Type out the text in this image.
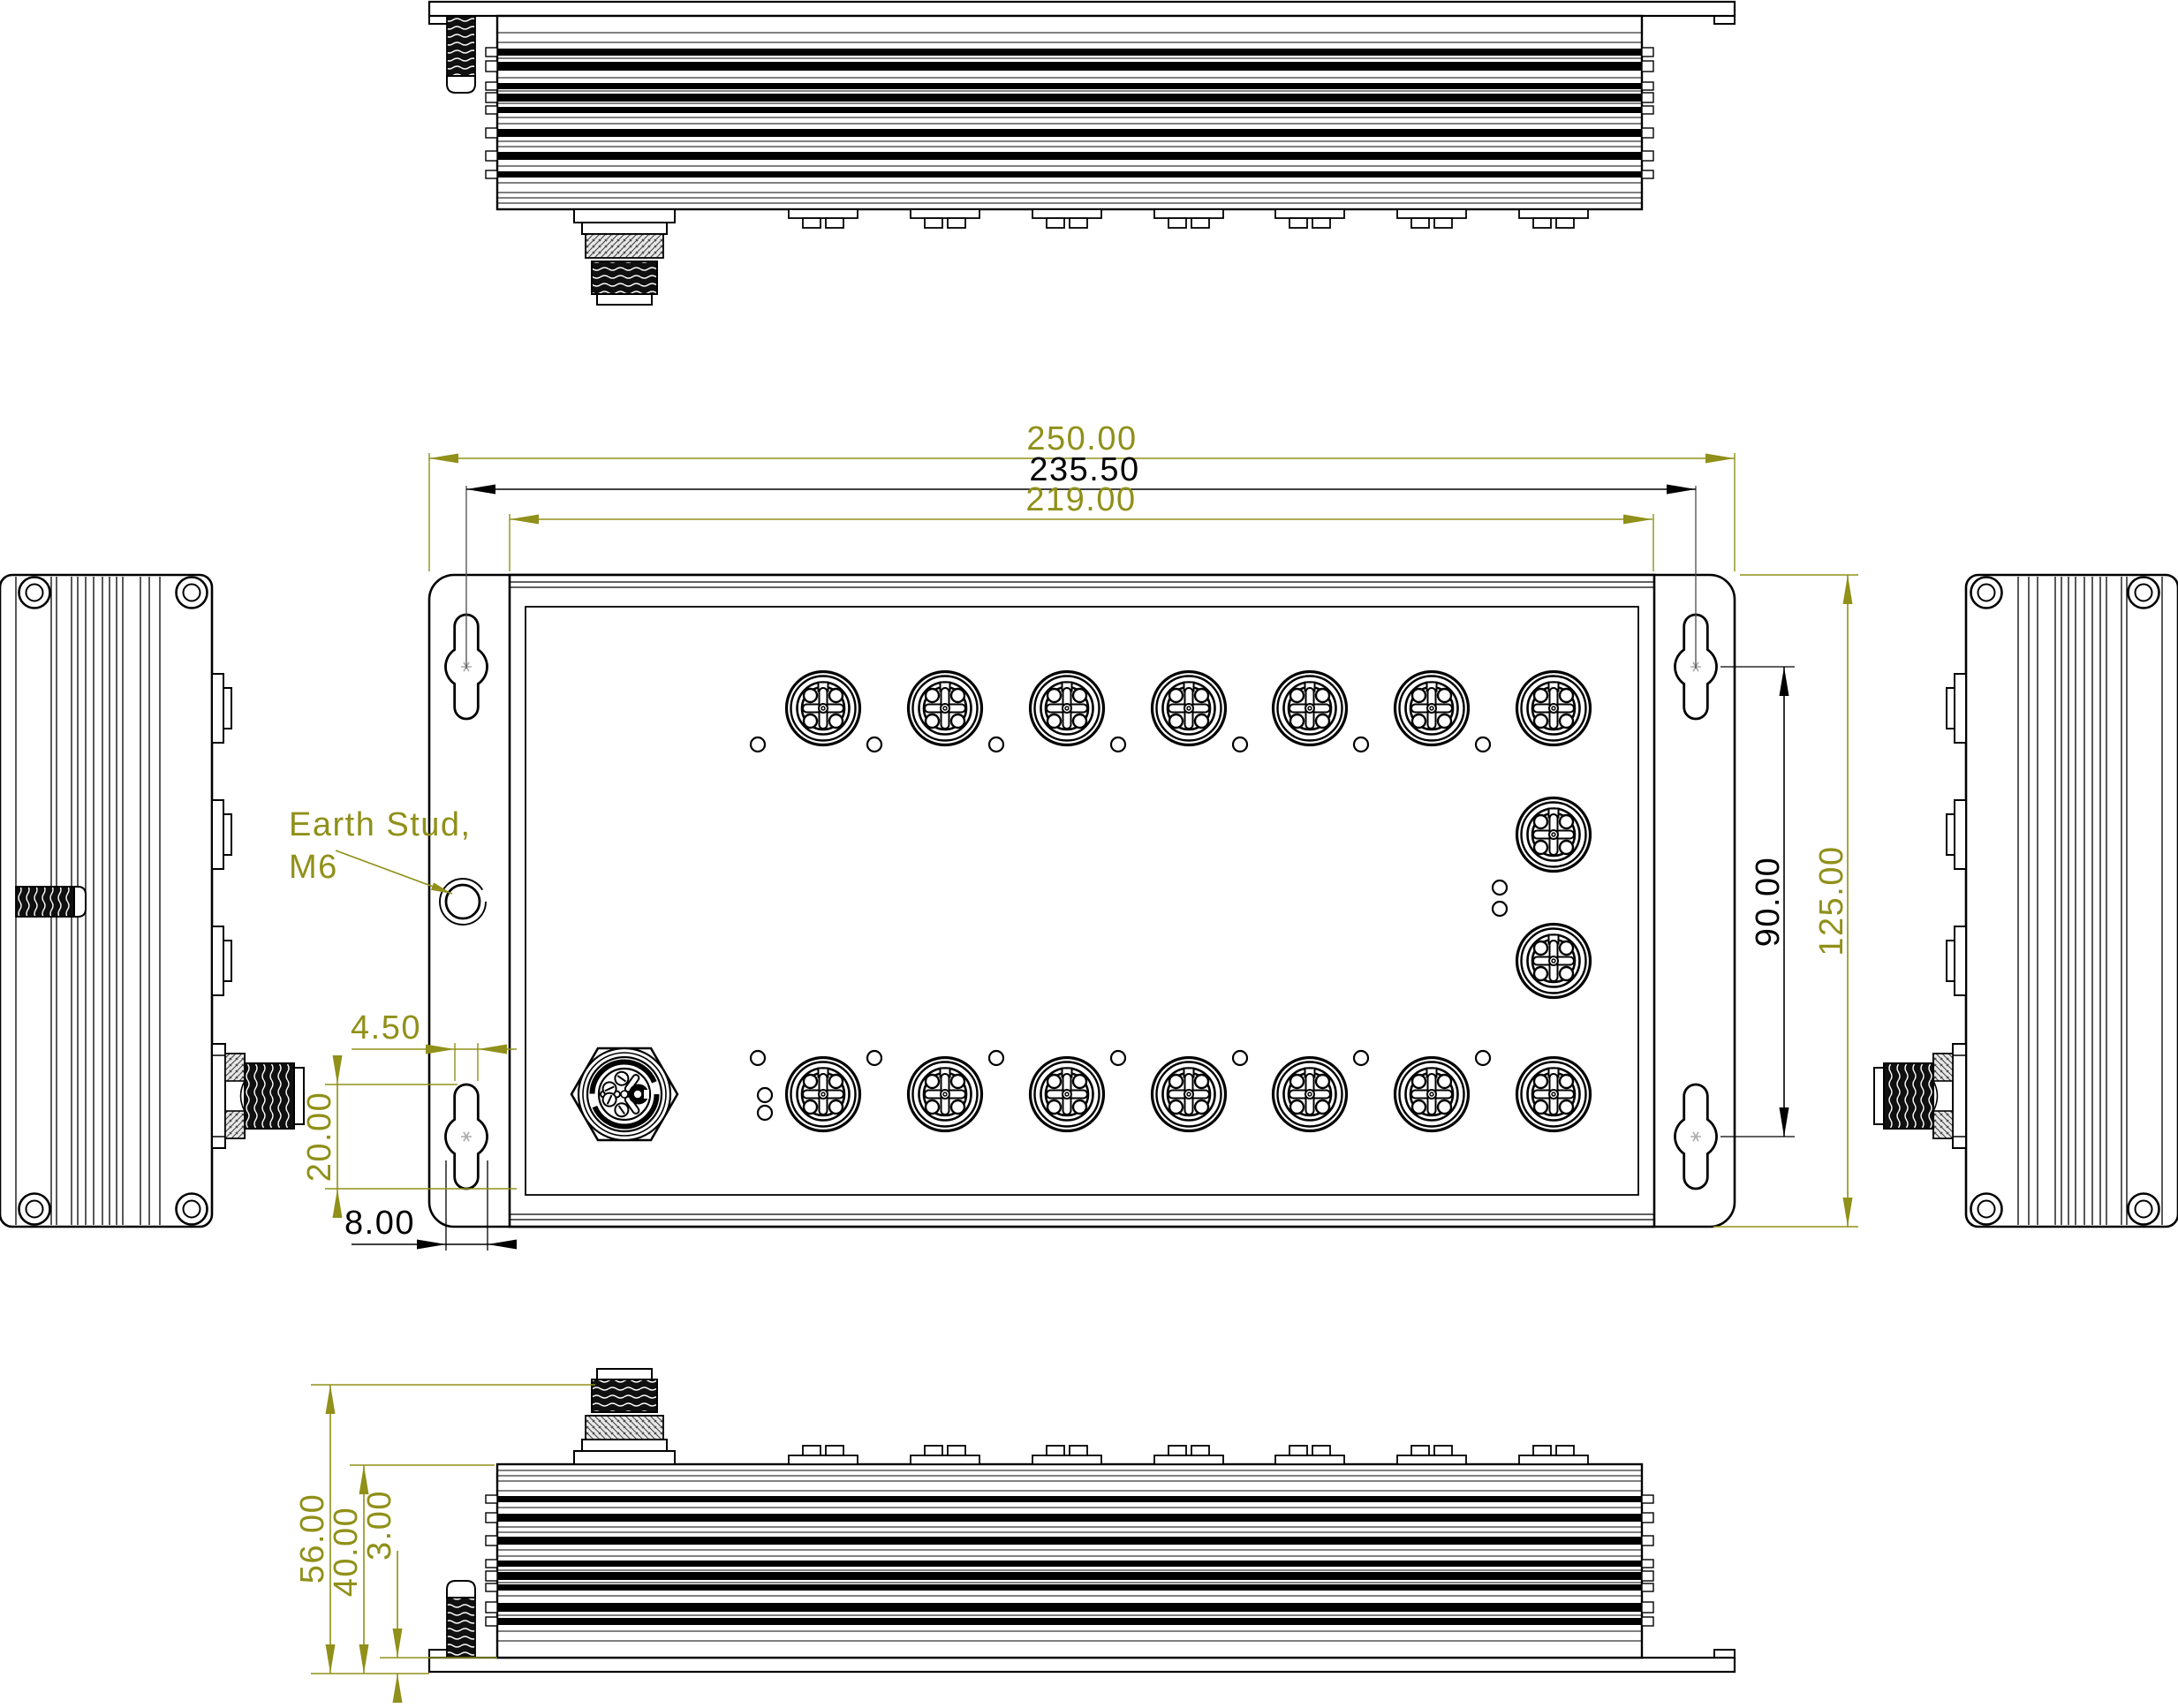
250.00
235.50
219.00
90.00 125.00
4.50
20.00
8.00
56.00
40.00
3.00
Earth Stud,
M6
